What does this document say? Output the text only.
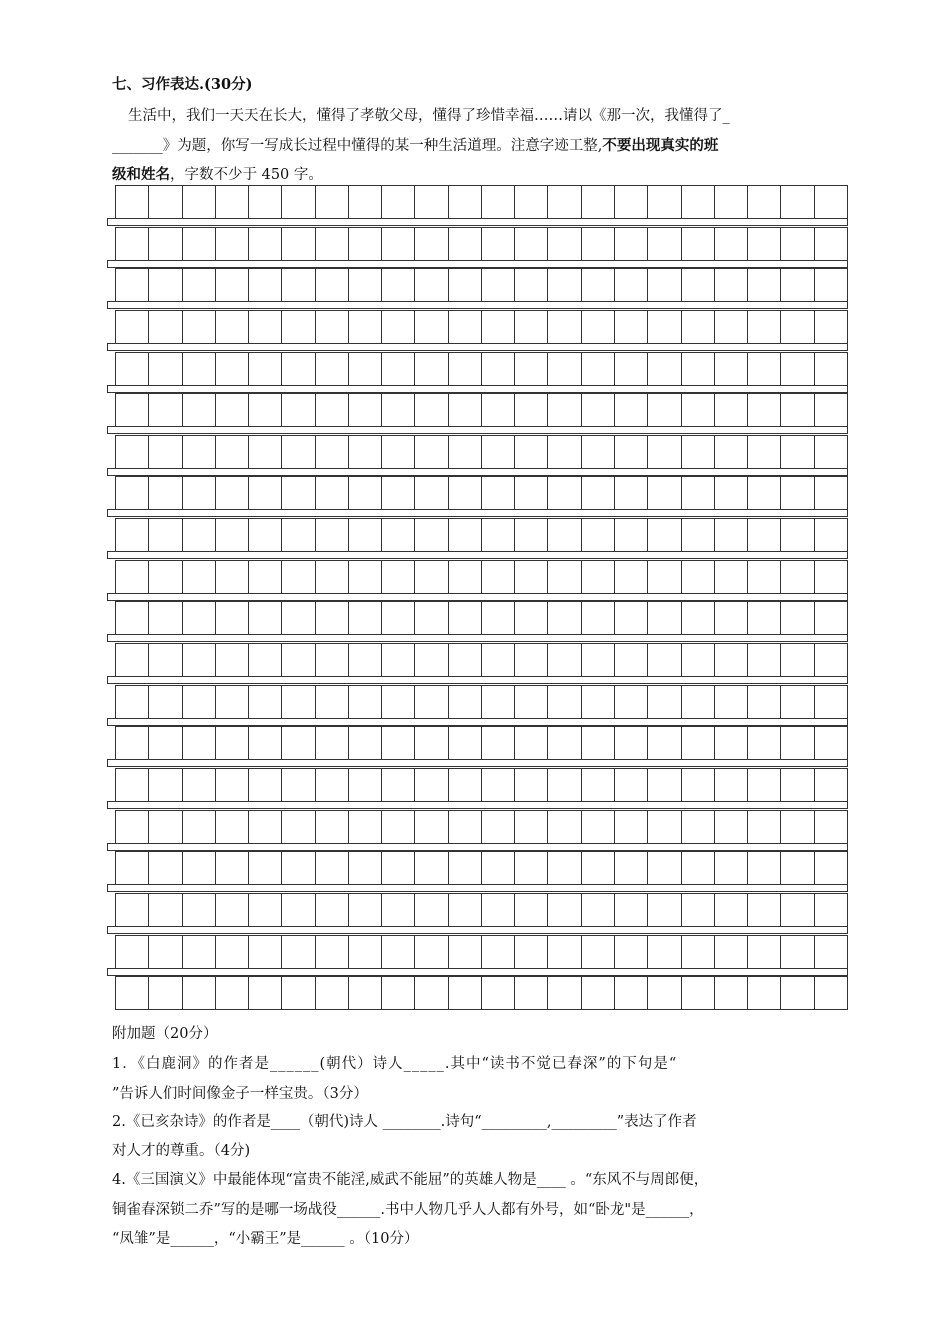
七、习作表达.(30分)
生活中，我们一天天在长大，懂得了孝敬父母，懂得了珍惜幸福……请以《那一次，我懂得了_
_______》为题，你写一写成长过程中懂得的某一种生活道理。注意字迹工整,不要出现真实的班
级和姓名，字数不少于 450 字。
附加题（20分）
1．《白鹿洞》的作者是______(朝代）诗人_____.其中“读书不觉已春深”的下句是“
”告诉人们时间像金子一样宝贵。（3分）
2.《已亥杂诗》的作者是____（朝代)诗人 ________.诗句“_________,_________”表达了作者
对人才的尊重。（4分)
4.《三国演义》中最能体现“富贵不能淫,威武不能屈”的英雄人物是____ 。“东风不与周郎便，
铜雀春深锁二乔”写的是哪一场战役______.书中人物几乎人人都有外号，如“卧龙"是______，
“凤雏”是______，“小霸王”是______ 。（10分）
